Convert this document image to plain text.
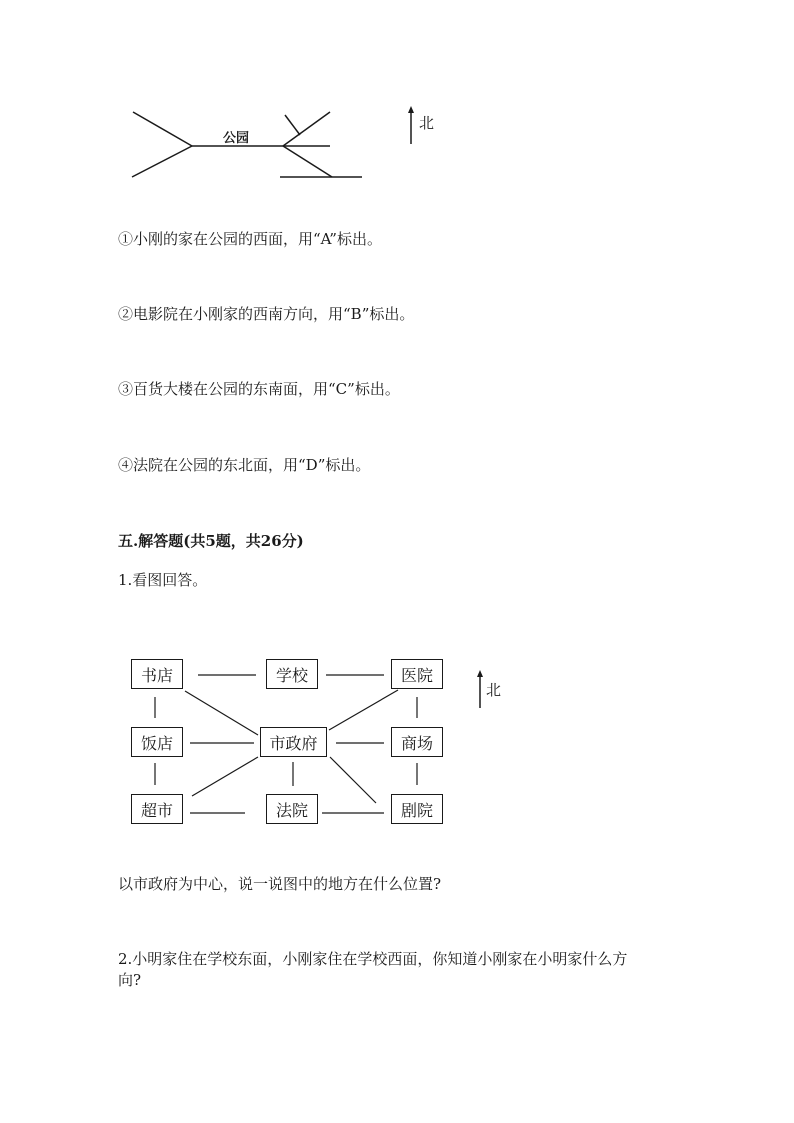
公园
北
①小刚的家在公园的西面，用“A”标出。
②电影院在小刚家的西南方向，用“B”标出。
③百货大楼在公园的东南面，用“C”标出。
④法院在公园的东北面，用“D”标出。
五.解答题(共5题，共26分)
1.看图回答。
书店	学校	医院
饭店	市政府	商场
超市	法院	剧院
北
以市政府为中心，说一说图中的地方在什么位置?
2.小明家住在学校东面，小刚家住在学校西面，你知道小刚家在小明家什么方
向?
